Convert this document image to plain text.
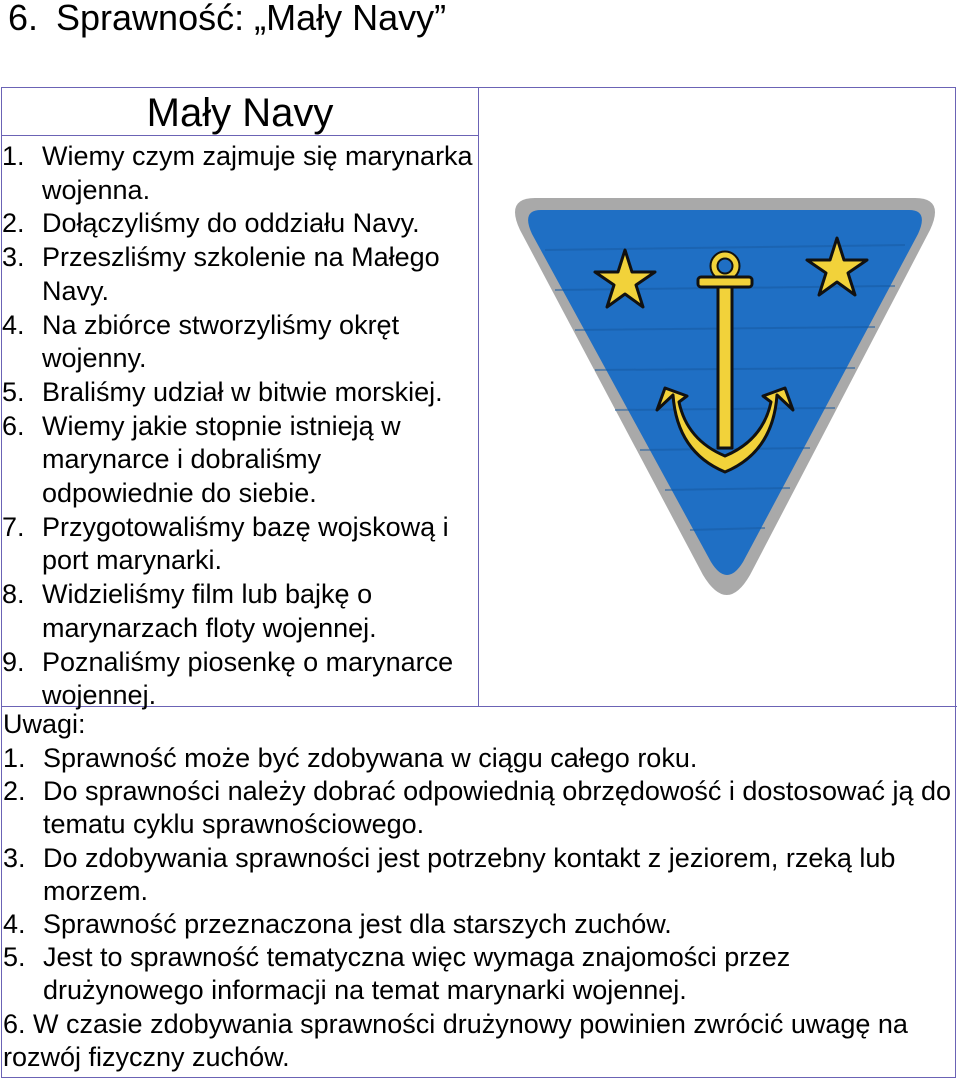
6. Sprawność: „Mały Navy”
Mały Navy
1. Wiemy czym zajmuje się marynarka wojenna.
2. Dołączyliśmy do oddziału Navy.
3. Przeszliśmy szkolenie na Małego Navy.
4. Na zbiórce stworzyliśmy okręt wojenny.
5. Braliśmy udział w bitwie morskiej.
6. Wiemy jakie stopnie istnieją w marynarce i dobraliśmy odpowiednie do siebie.
7. Przygotowaliśmy bazę wojskową i port marynarki.
8. Widzieliśmy film lub bajkę o marynarzach floty wojennej.
9. Poznaliśmy piosenkę o marynarce wojennej.
Uwagi:
1. Sprawność może być zdobywana w ciągu całego roku.
2. Do sprawności należy dobrać odpowiednią obrzędowość i dostosować ją do tematu cyklu sprawnościowego.
3. Do zdobywania sprawności jest potrzebny kontakt z jeziorem, rzeką lub morzem.
4. Sprawność przeznaczona jest dla starszych zuchów.
5. Jest to sprawność tematyczna więc wymaga znajomości przez drużynowego informacji na temat marynarki wojennej.
6. W czasie zdobywania sprawności drużynowy powinien zwrócić uwagę na rozwój fizyczny zuchów.
